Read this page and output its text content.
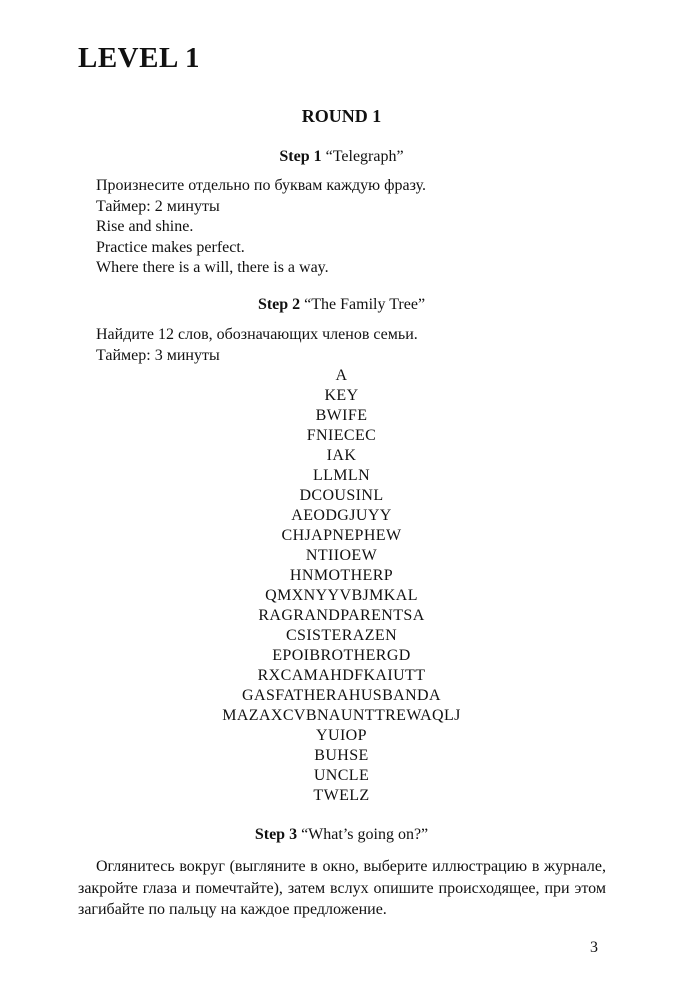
LEVEL 1
ROUND 1
Step 1 “Telegraph”
Произнесите отдельно по буквам каждую фразу.
Таймер: 2 минуты
Rise and shine.
Practice makes perfect.
Where there is a will, there is a way.
Step 2 “The Family Tree”
Найдите 12 слов, обозначающих членов семьи.
Таймер: 3 минуты
A
KEY
BWIFE
FNIECEC
IAK
LLMLN
DCOUSINL
AEODGJUYY
CHJAPNEPHEW
NTIIOEW
HNMOTHERP
QMXNYYVBJMKAL
RAGRANDPARENTSA
CSISTERAZEN
EPOIBROTHERGD
RXCAMAHDFKAIUTT
GASFATHERAHUSBANDA
MAZAXCVBNAUNTTREWAQLJ
YUIOP
BUHSE
UNCLE
TWELZ
Step 3 “What’s going on?”
Оглянитесь вокруг (выгляните в окно, выберите иллюстрацию в журнале, закройте глаза и помечтайте), затем вслух опишите происходящее, при этом загибайте по пальцу на каждое предложение.
3
